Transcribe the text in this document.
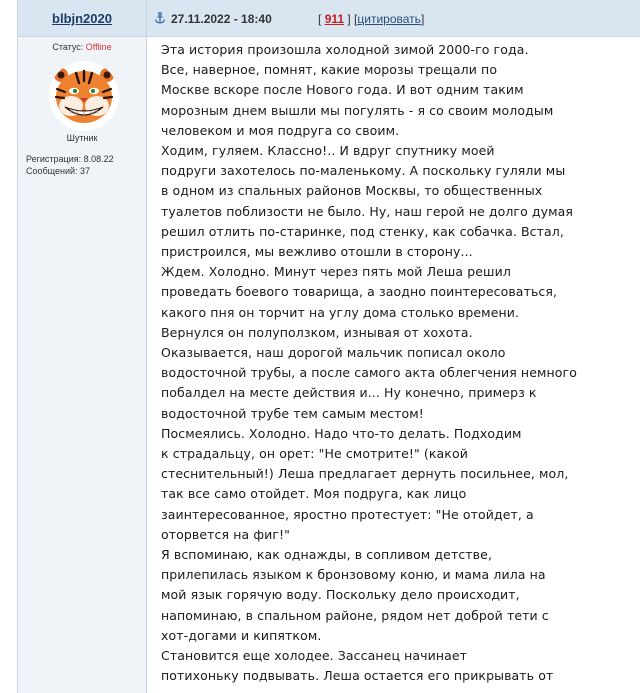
blbjn2020	27.11.2022 - 18:40	[ 911 ] [цитировать]
Статус: Offline
Шутник
Регистрация: 8.08.22
Сообщений: 37
Эта история произошла холодной зимой 2000-го года.
Все, наверное, помнят, какие морозы трещали по
Москве вскоре после Нового года. И вот одним таким
морозным днем вышли мы погулять - я со своим молодым
человеком и моя подруга со своим.
Ходим, гуляем. Классно!.. И вдруг спутнику моей
подруги захотелось по-маленькому. А поскольку гуляли мы
в одном из спальных районов Москвы, то общественных
туалетов поблизости не было. Ну, наш герой не долго думая
решил отлить по-старинке, под стенку, как собачка. Встал,
пристроился, мы вежливо отошли в сторону...
Ждем. Холодно. Минут через пять мой Леша решил
проведать боевого товарища, а заодно поинтересоваться,
какого пня он торчит на углу дома столько времени.
Вернулся он полуползком, изнывая от хохота.
Оказывается, наш дорогой мальчик пописал около
водосточной трубы, а после самого акта облегчения немного
побалдел на месте действия и... Ну конечно, примерз к
водосточной трубе тем самым местом!
Посмеялись. Холодно. Надо что-то делать. Подходим
к страдальцу, он орет: "Не смотрите!" (какой
стеснительный!) Леша предлагает дернуть посильнее, мол,
так все само отойдет. Моя подруга, как лицо
заинтересованное, яростно протестует: "Не отойдет, а
оторвется на фиг!"
Я вспоминаю, как однажды, в сопливом детстве,
прилепилась языком к бронзовому коню, и мама лила на
мой язык горячую воду. Поскольку дело происходит,
напоминаю, в спальном районе, рядом нет доброй тети с
хот-догами и кипятком.
Становится еще холодее. Зассанец начинает
потихоньку подвывать. Леша остается его прикрывать от
